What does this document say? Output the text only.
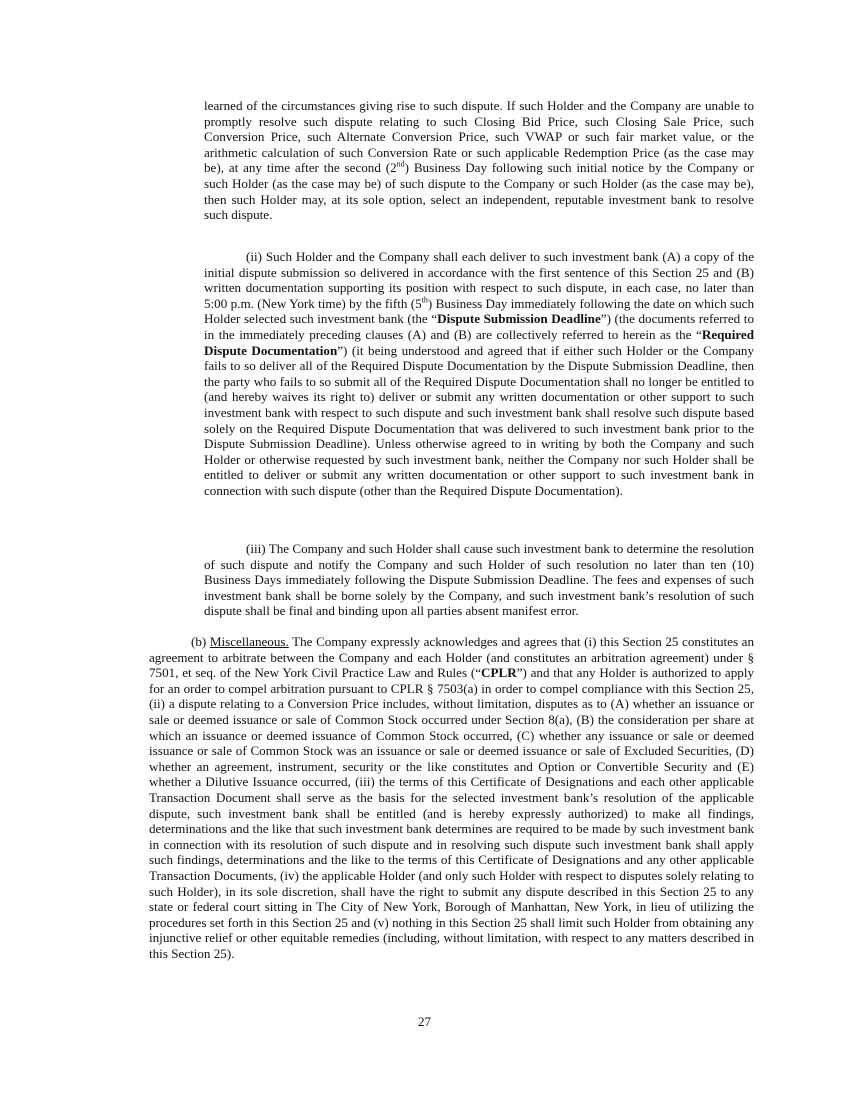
learned of the circumstances giving rise to such dispute. If such Holder and the Company are unable to promptly resolve such dispute relating to such Closing Bid Price, such Closing Sale Price, such Conversion Price, such Alternate Conversion Price, such VWAP or such fair market value, or the arithmetic calculation of such Conversion Rate or such applicable Redemption Price (as the case may be), at any time after the second (2nd) Business Day following such initial notice by the Company or such Holder (as the case may be) of such dispute to the Company or such Holder (as the case may be), then such Holder may, at its sole option, select an independent, reputable investment bank to resolve such dispute.

(ii) Such Holder and the Company shall each deliver to such investment bank (A) a copy of the initial dispute submission so delivered in accordance with the first sentence of this Section 25 and (B) written documentation supporting its position with respect to such dispute, in each case, no later than 5:00 p.m. (New York time) by the fifth (5th) Business Day immediately following the date on which such Holder selected such investment bank (the “Dispute Submission Deadline”) (the documents referred to in the immediately preceding clauses (A) and (B) are collectively referred to herein as the “Required Dispute Documentation”) (it being understood and agreed that if either such Holder or the Company fails to so deliver all of the Required Dispute Documentation by the Dispute Submission Deadline, then the party who fails to so submit all of the Required Dispute Documentation shall no longer be entitled to (and hereby waives its right to) deliver or submit any written documentation or other support to such investment bank with respect to such dispute and such investment bank shall resolve such dispute based solely on the Required Dispute Documentation that was delivered to such investment bank prior to the Dispute Submission Deadline). Unless otherwise agreed to in writing by both the Company and such Holder or otherwise requested by such investment bank, neither the Company nor such Holder shall be entitled to deliver or submit any written documentation or other support to such investment bank in connection with such dispute (other than the Required Dispute Documentation).

(iii) The Company and such Holder shall cause such investment bank to determine the resolution of such dispute and notify the Company and such Holder of such resolution no later than ten (10) Business Days immediately following the Dispute Submission Deadline. The fees and expenses of such investment bank shall be borne solely by the Company, and such investment bank’s resolution of such dispute shall be final and binding upon all parties absent manifest error.

(b) Miscellaneous. The Company expressly acknowledges and agrees that (i) this Section 25 constitutes an agreement to arbitrate between the Company and each Holder (and constitutes an arbitration agreement) under § 7501, et seq. of the New York Civil Practice Law and Rules (“CPLR”) and that any Holder is authorized to apply for an order to compel arbitration pursuant to CPLR § 7503(a) in order to compel compliance with this Section 25, (ii) a dispute relating to a Conversion Price includes, without limitation, disputes as to (A) whether an issuance or sale or deemed issuance or sale of Common Stock occurred under Section 8(a), (B) the consideration per share at which an issuance or deemed issuance of Common Stock occurred, (C) whether any issuance or sale or deemed issuance or sale of Common Stock was an issuance or sale or deemed issuance or sale of Excluded Securities, (D) whether an agreement, instrument, security or the like constitutes and Option or Convertible Security and (E) whether a Dilutive Issuance occurred, (iii) the terms of this Certificate of Designations and each other applicable Transaction Document shall serve as the basis for the selected investment bank’s resolution of the applicable dispute, such investment bank shall be entitled (and is hereby expressly authorized) to make all findings, determinations and the like that such investment bank determines are required to be made by such investment bank in connection with its resolution of such dispute and in resolving such dispute such investment bank shall apply such findings, determinations and the like to the terms of this Certificate of Designations and any other applicable Transaction Documents, (iv) the applicable Holder (and only such Holder with respect to disputes solely relating to such Holder), in its sole discretion, shall have the right to submit any dispute described in this Section 25 to any state or federal court sitting in The City of New York, Borough of Manhattan, New York, in lieu of utilizing the procedures set forth in this Section 25 and (v) nothing in this Section 25 shall limit such Holder from obtaining any injunctive relief or other equitable remedies (including, without limitation, with respect to any matters described in this Section 25).

27
